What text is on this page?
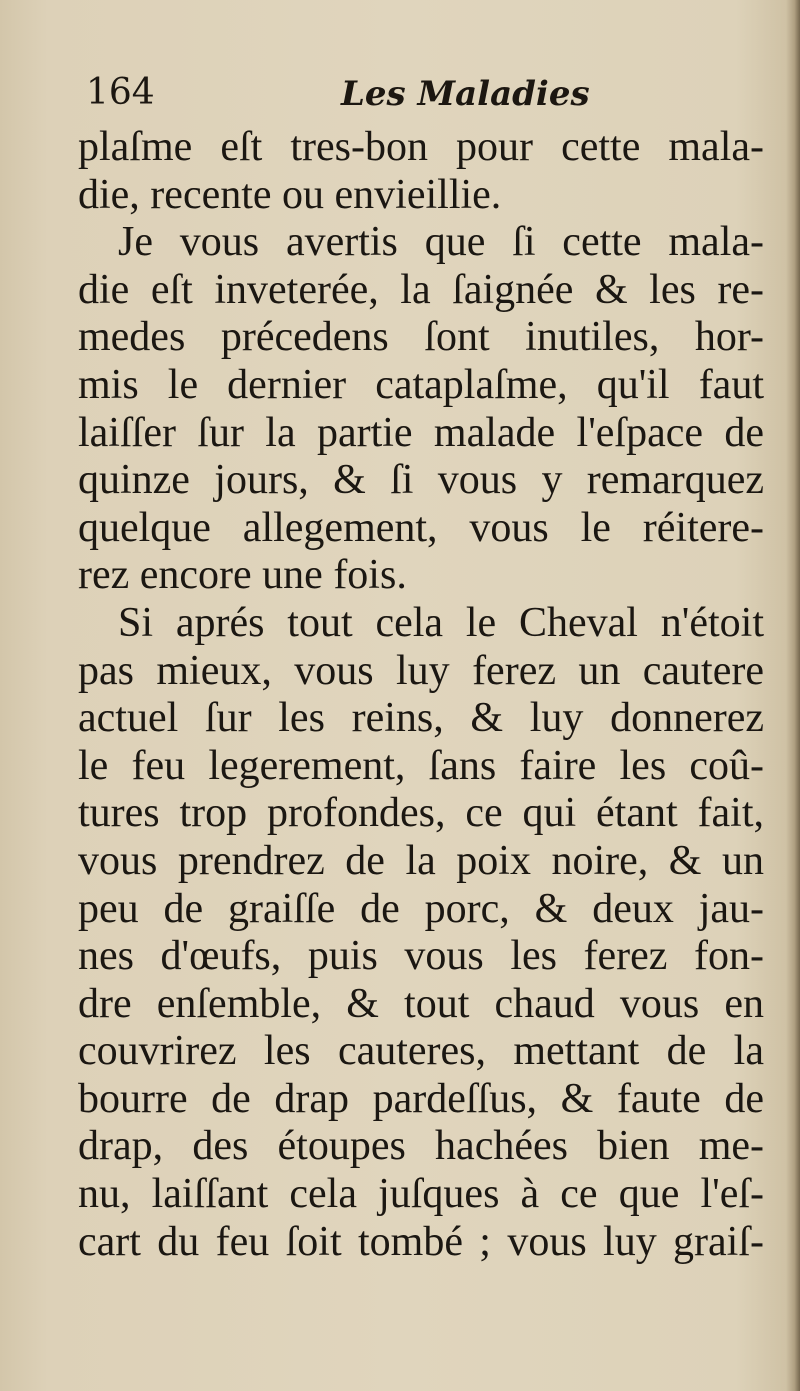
164	Les Maladies
plaſme eſt tres-bon pour cette mala-
die, recente ou envieillie.
Je vous avertis que ſi cette mala-
die eſt inveterée, la ſaignée & les re-
medes précedens ſont inutiles, hor-
mis le dernier cataplaſme, qu'il faut
laiſſer ſur la partie malade l'eſpace de
quinze jours, & ſi vous y remarquez
quelque allegement, vous le réitere-
rez encore une fois.
Si aprés tout cela le Cheval n'étoit
pas mieux, vous luy ferez un cautere
actuel ſur les reins, & luy donnerez
le feu legerement, ſans faire les coû-
tures trop profondes, ce qui étant fait,
vous prendrez de la poix noire, & un
peu de graiſſe de porc, & deux jau-
nes d'œufs, puis vous les ferez fon-
dre enſemble, & tout chaud vous en
couvrirez les cauteres, mettant de la
bourre de drap pardeſſus, & faute de
drap, des étoupes hachées bien me-
nu, laiſſant cela juſques à ce que l'eſ-
cart du feu ſoit tombé ; vous luy graiſ-
